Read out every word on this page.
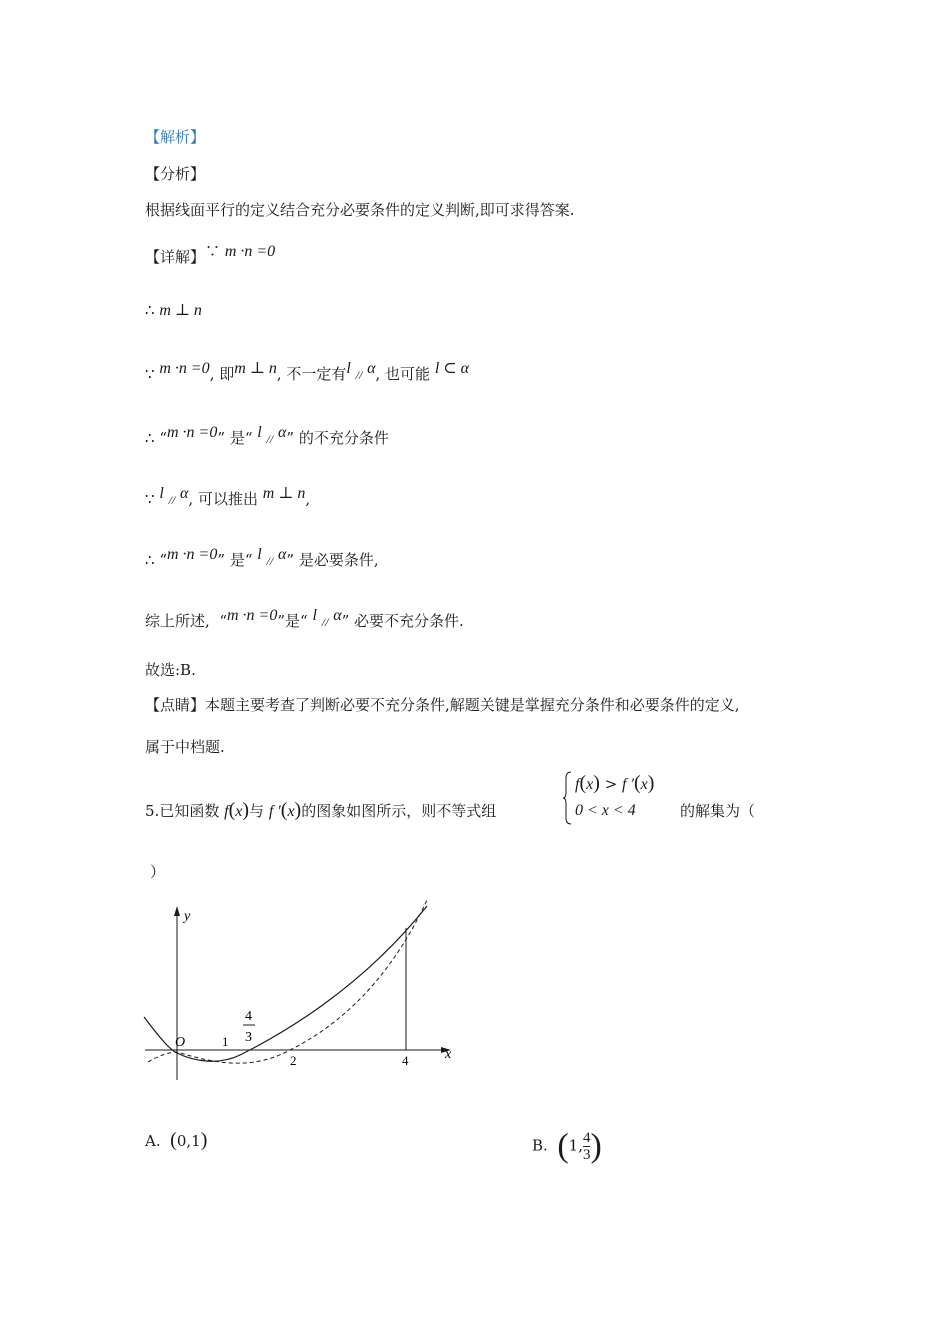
【解析】
【分析】
根据线面平行的定义结合充分必要条件的定义判断,即可求得答案.
【详解】∵ m ·n =0
∴ m ⊥ n
∵ m ·n =0, 即m ⊥ n, 不一定有l // α, 也可能 l ⊂ α
∴ “m ·n =0” 是“ l // α” 的不充分条件
∵ l // α, 可以推出 m ⊥ n,
∴ “m ·n =0” 是“ l // α” 是必要条件,
综上所述, “m ·n =0”是“ l // α” 必要不充分条件.
故选:B.
【点睛】本题主要考查了判断必要不充分条件,解题关键是掌握充分条件和必要条件的定义,
属于中档题.
5.已知函数 f(x)与 f ′(x)的图象如图所示，则不等式组
f(x) > f ′(x)
0 < x < 4	的解集为（
）
y
x
O	1
2	4
4
3
A. (0,1)	B. (1, $\frac{4}{3}$ )
